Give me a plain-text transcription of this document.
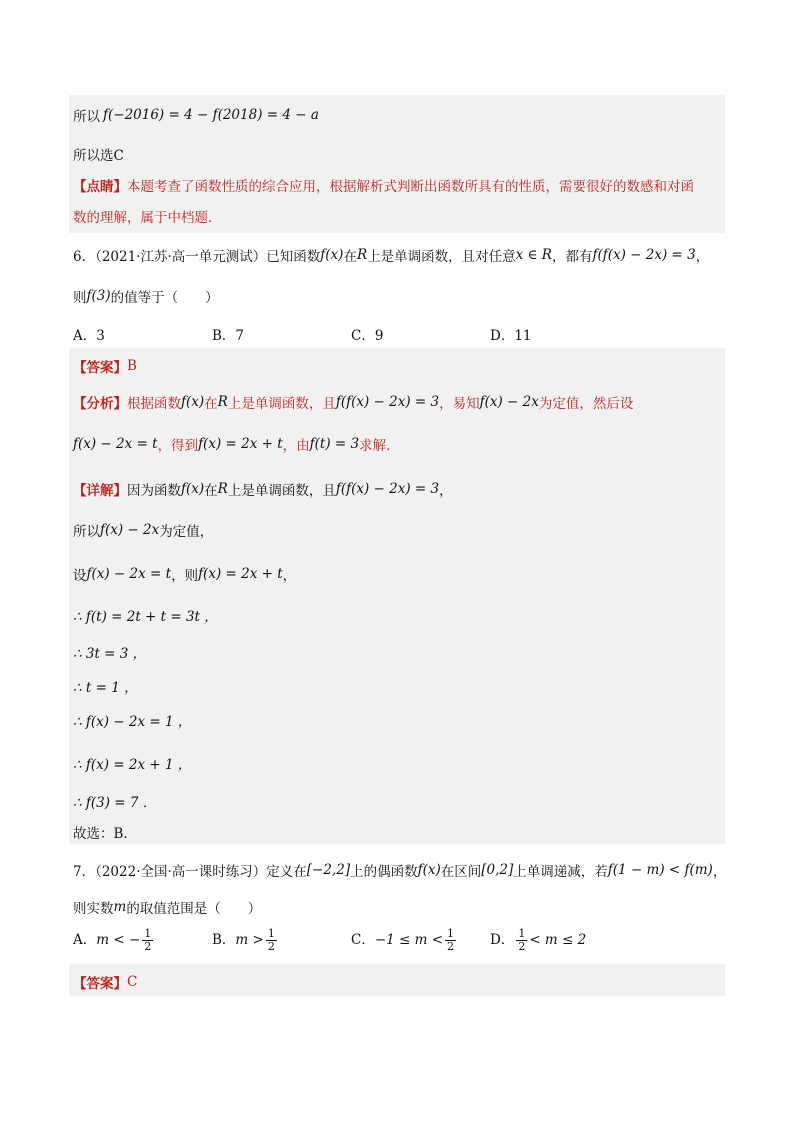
所以 f(−2016) = 4 − f(2018) = 4 − a
所以选C
【点睛】 本题考查了函数性质的综合应用，根据解析式判断出函数所具有的性质，需要很好的数感和对函
数的理解，属于中档题．
6．（2021·江苏·高一单元测试）已知函数 f(x) 在 R 上是单调函数，且对任意 x ∈ R ，都有 f(f(x) − 2x) = 3 ，
则 f(3) 的值等于（　　）
A．3	B．7	C．9	D．11
【答案】 B
【分析】 根据函数 f(x) 在 R 上是单调函数，且 f(f(x) − 2x) = 3 ，易知 f(x) − 2x 为定值，然后设
f(x) − 2x = t ，得到 f(x) = 2x + t ，由 f(t) = 3 求解.
【详解】 因为函数 f(x) 在 R 上是单调函数，且 f(f(x) − 2x) = 3 ，
所以 f(x) − 2x 为定值，
设 f(x) − 2x = t ，则 f(x) = 2x + t ，
∴ f(t) = 2t + t = 3t ，
∴ 3t = 3 ，
∴ t = 1 ，
∴ f(x) − 2x = 1 ，
∴ f(x) = 2x + 1 ，
∴ f(3) = 7 ．
故选：B．
7．（2022·全国·高一课时练习）定义在 [−2,2] 上的偶函数 f(x) 在区间 [0,2] 上单调递减，若 f(1 − m) < f(m) ，
则实数 m 的取值范围是（　　）
A．m < − $\frac{1}{2}$	B．$m > \frac{1}{2}$	C．$-1 \le m < \frac{1}{2}$	D． $\frac{1}{2} < m \le 2$
【答案】 C
